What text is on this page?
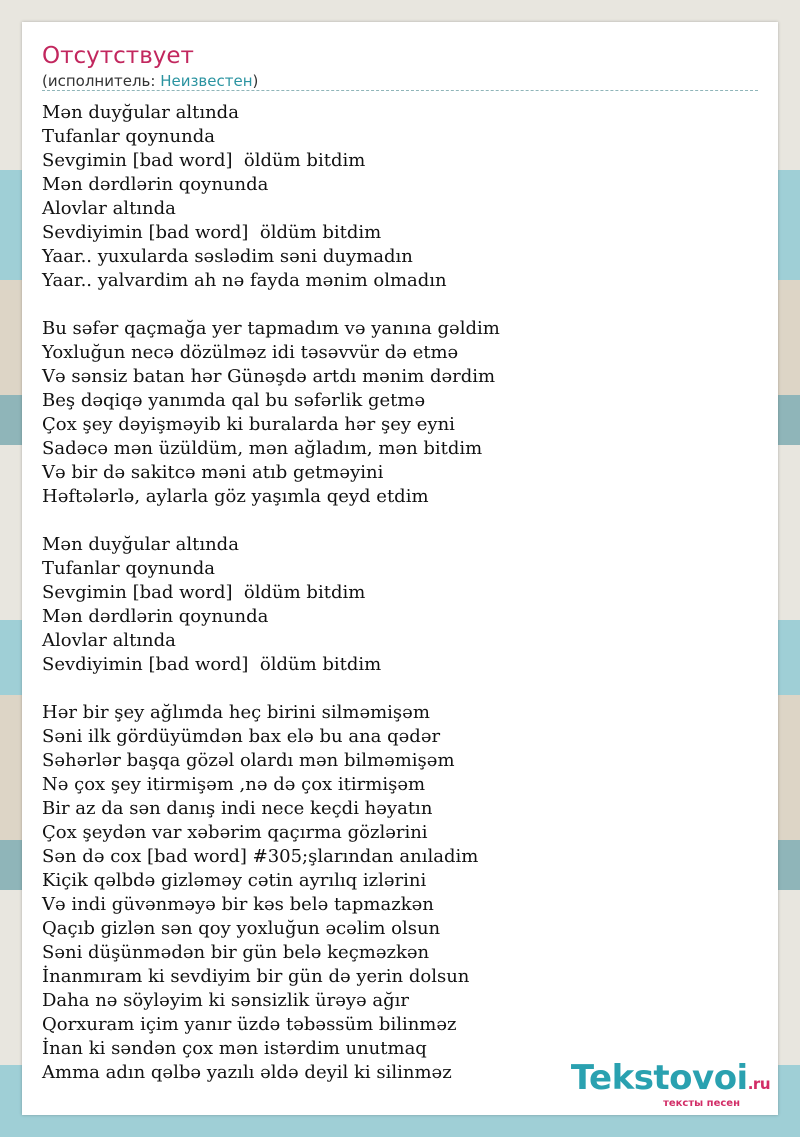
Отсутствует
(исполнитель: Неизвестен)
Mən duyğular altında
Tufanlar qoynunda
Sevgimin [bad word]  öldüm bitdim
Mən dərdlərin qoynunda
Alovlar altında
Sevdiyimin [bad word]  öldüm bitdim
Yaar.. yuxularda səslədim səni duymadın
Yaar.. yalvardim ah nə fayda mənim olmadın
Bu səfər qaçmağa yer tapmadım və yanına gəldim
Yoxluğun necə dözülməz idi təsəvvür də etmə
Və sənsiz batan hər Günəşdə artdı mənim dərdim
Beş dəqiqə yanımda qal bu səfərlik getmə
Çox şey dəyişməyib ki buralarda hər şey eyni
Sadəcə mən üzüldüm, mən ağladım, mən bitdim
Və bir də sakitcə məni atıb getməyini
Həftələrlə, aylarla göz yaşımla qeyd etdim
Mən duyğular altında
Tufanlar qoynunda
Sevgimin [bad word]  öldüm bitdim
Mən dərdlərin qoynunda
Alovlar altında
Sevdiyimin [bad word]  öldüm bitdim
Hər bir şey ağlımda heç birini silməmişəm
Səni ilk gördüyümdən bax elə bu ana qədər
Səhərlər başqa gözəl olardı mən bilməmişəm
Nə çox şey itirmişəm ,nə də çox itirmişəm
Bir az da sən danış indi nece keçdi həyatın
Çox şeydən var xəbərim qaçırma gözlərini
Sən də cox [bad word] #305;şlarından anıladim
Kiçik qəlbdə gizləməy cətin ayrılıq izlərini
Və indi güvənməyə bir kəs belə tapmazkən
Qaçıb gizlən sən qoy yoxluğun əcəlim olsun
Səni düşünmədən bir gün belə keçməzkən
İnanmıram ki sevdiyim bir gün də yerin dolsun
Daha nə söyləyim ki sənsizlik ürəyə ağır
Qorxuram içim yanır üzdə təbəssüm bilinməz
İnan ki səndən çox mən istərdim unutmaq
Amma adın qəlbə yazılı əldə deyil ki silinməz	Tekstovoi.ru
тексты песен
